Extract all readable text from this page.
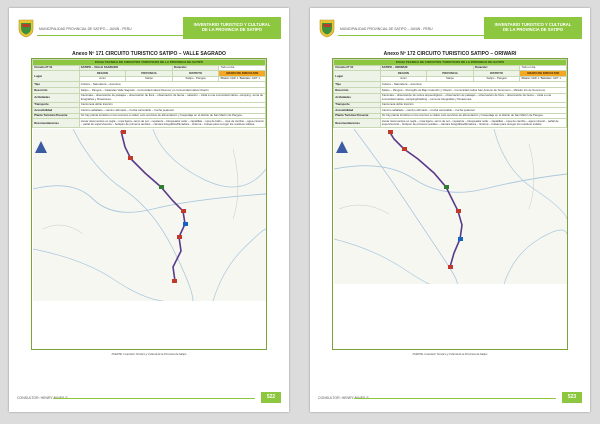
MUNICIPALIDAD PROVINCIAL DE SATIPO – JUNIN - PERU
INVENTARIO TURISTICO Y CULTURAL
DE LA PROVINCIA DE SATIPO
Anexo Nº 171 CIRCUITO TURISTICO SATIPO – VALLE SAGRADO
FICHA TECNICA DE CIRCUITOS TURISTICOS DE LA PROVINCIA DE SATIPO				
Circuito Nº 01	SATIPO – VALLE SAGRADO		Duración:	Todo el día
Lugar	REGION	PROVINCIA	DISTRITO	GRADO DE DIFICULTAD
	Junín	Satipo	Satipo - Pangoa	Físico: GDF 1 Técnico: GDT 1
Tipo	Cultura – Naturaleza – Aventura			
Recorrido	Satipo – Pangoa – Cataratas Valle Sagrado - Comunidad nativa Paveme y/o Comunidad nativa Charini.			
Actividades	Caminata – observación de paisajes – observación de flora – observación de fauna – natación – visita a una comunidad nativa –camping –toma de fotografías y filmaciones.			
Transporte	Camioneta doble tracción			
Accesibilidad	Camino asfaltado – camino afirmado – trocha carrozable – trocha peatonal			
Planta Turística Presente	No hay planta turística en los recursos a visitar, solo servicios de alimentación y hospedaje en el distrito de San Martín de Pangoa.			
Recomendaciones	Llevar documentos en regla – ropa ligera –terno de sol – repelente – bloqueador solar – zapatillas – ropa de baño – ropa de cambio – agua mineral – pañal de supervivencia – botiquín de primeros auxilios – cámara fotográfica/filmadora – linterna – bolsas para recoger los residuos sólidos.			
FUENTE: Inventario Turístico y Cultural de la Provincia de Satipo
CONSULTOR: HENRY NINES S.	522
MUNICIPALIDAD PROVINCIAL DE SATIPO – JUNIN - PERU
INVENTARIO TURISTICO Y CULTURAL
DE LA PROVINCIA DE SATIPO
Anexo Nº 172 CIRCUITO TURISTICO SATIPO – ORIWARI
FICHA TECNICA DE CIRCUITOS TURISTICOS DE LA PROVINCIA DE SATIPO				
Circuito Nº 01	SATIPO – ORIWARI		Duración:	Todo el día
Lugar	REGION	PROVINCIA	DISTRITO	GRADO DE DIFICULTAD
	Junín	Satipo	Satipo - Pangoa	Físico: GDF 1 Técnico: GDT 1
Tipo	Cultura – Naturaleza – Aventura			
Recorrido	Satipo – Pangoa – Petroglifo de Bajo Celendín y Oriwari – Comunidad nativa San Antonio de Sonomoro – Mirador Iris de Sonomoro.			
Actividades	Caminata – observación de restos arqueológicos – observación de paisajes – observación de flora – observación de fauna – visita a una comunidad nativa –camping/trekking – toma de fotografías y filmaciones.			
Transporte	Camioneta doble tracción			
Accesibilidad	Camino asfaltado – camino afirmado – trocha carrozable – trocha peatonal			
Planta Turística Presente	No hay planta turística en los recursos a visitar, solo servicios de alimentación y hospedaje en el distrito de San Martín de Pangoa.			
Recomendaciones	Llevar documentos en regla – ropa ligera –terno de sol – repelente – bloqueador solar – zapatillas – ropa de cambio – agua mineral – pañal de supervivencia – botiquín de primeros auxilios – cámara fotográfica/filmadora – linterna – bolsas para recoger los residuos sólidos.			
FUENTE: Inventario Turístico y Cultural de la Provincia de Satipo
CONSULTOR: HENRY NINES S.	523
